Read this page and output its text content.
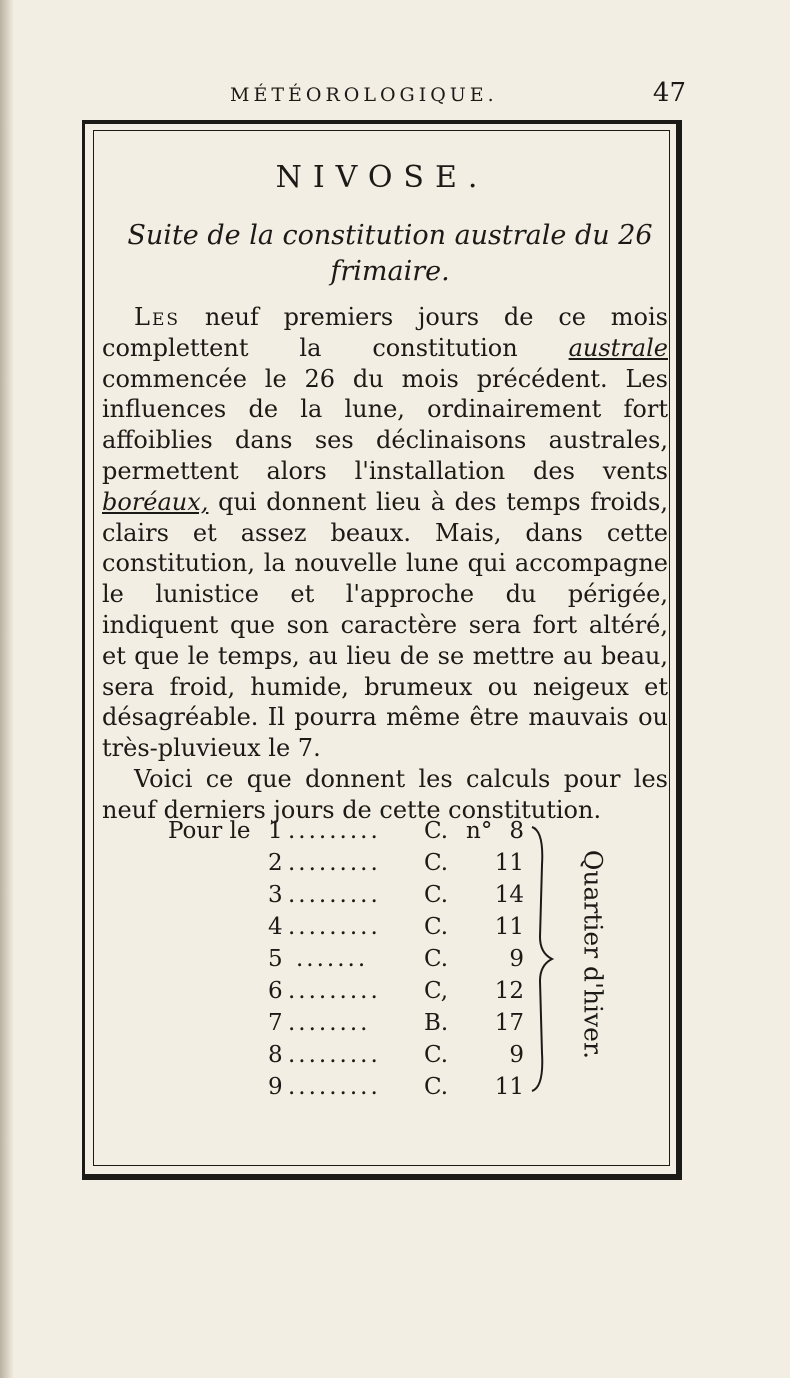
MÉTÉOROLOGIQUE.	47
NIVOSE.
Suite de la constitution australe du 26 frimaire.

Les neuf premiers jours de ce mois complettent la constitution australe commencée le 26 du mois précédent. Les influences de la lune, ordinairement fort affoiblies dans ses déclinaisons australes, permettent alors l'installation des vents boréaux, qui donnent lieu à des temps froids, clairs et assez beaux. Mais, dans cette constitution, la nouvelle lune qui accompagne le lunistice et l'approche du périgée, indiquent que son caractère sera fort altéré, et que le temps, au lieu de se mettre au beau, sera froid, humide, brumeux ou neigeux et désagréable. Il pourra même être mauvais ou très-pluvieux le 7.

Voici ce que donnent les calculs pour les neuf derniers jours de cette constitution.

Pour le 1 ......... C. n° 8
2 ......... C.	11
3 ......... C.	14
4 ......... C.	11
5 ....... C.	9
6 ......... C,	12
7 ........ B.	17
8 ......... C.	9
9 ......... C.	11
Quartier d'hiver.
